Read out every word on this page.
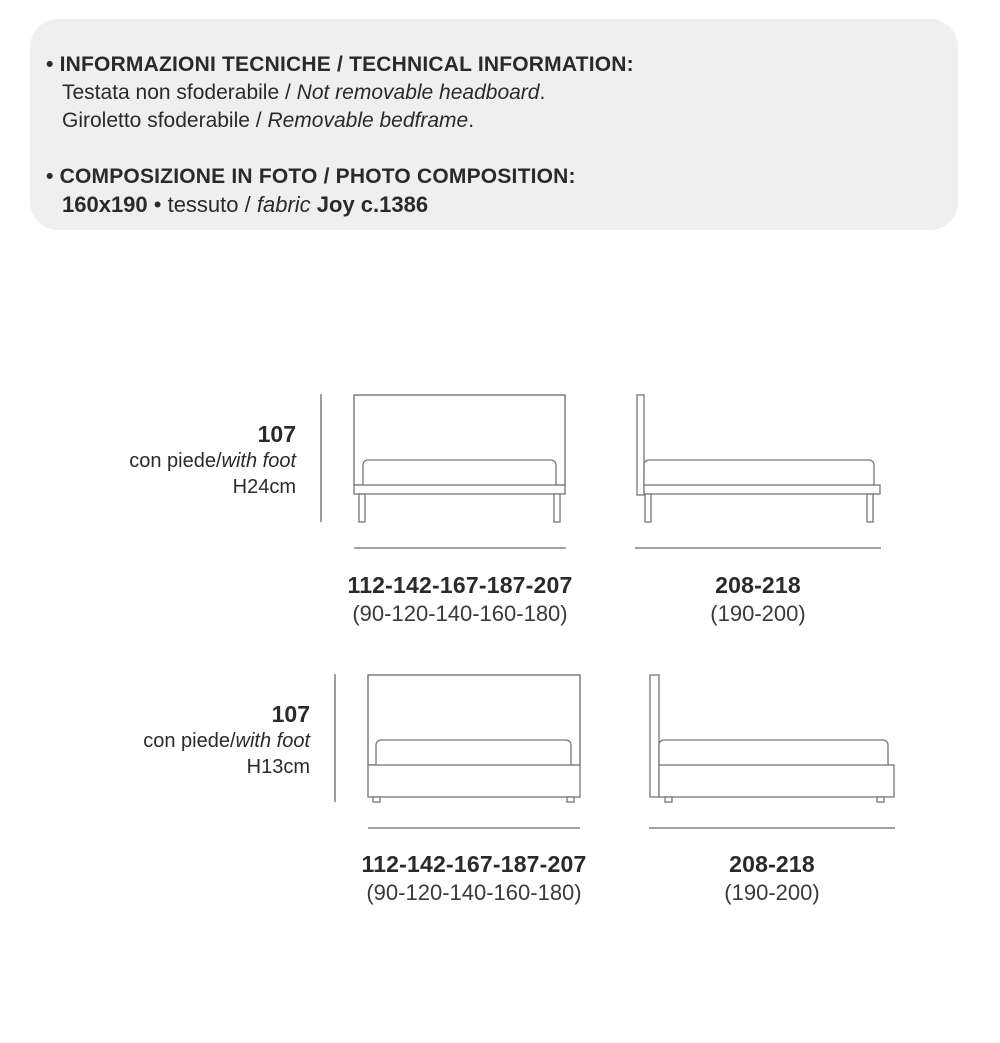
• INFORMAZIONI TECNICHE / TECHNICAL INFORMATION:
Testata non sfoderabile / Not removable headboard.
Giroletto sfoderabile / Removable bedframe.
• COMPOSIZIONE IN FOTO / PHOTO COMPOSITION:
160x190 • tessuto / fabric Joy c.1386
107
con piede/with foot
H24cm
112-142-167-187-207
(90-120-140-160-180)
208-218
(190-200)
107
con piede/with foot
H13cm
112-142-167-187-207
(90-120-140-160-180)
208-218
(190-200)
